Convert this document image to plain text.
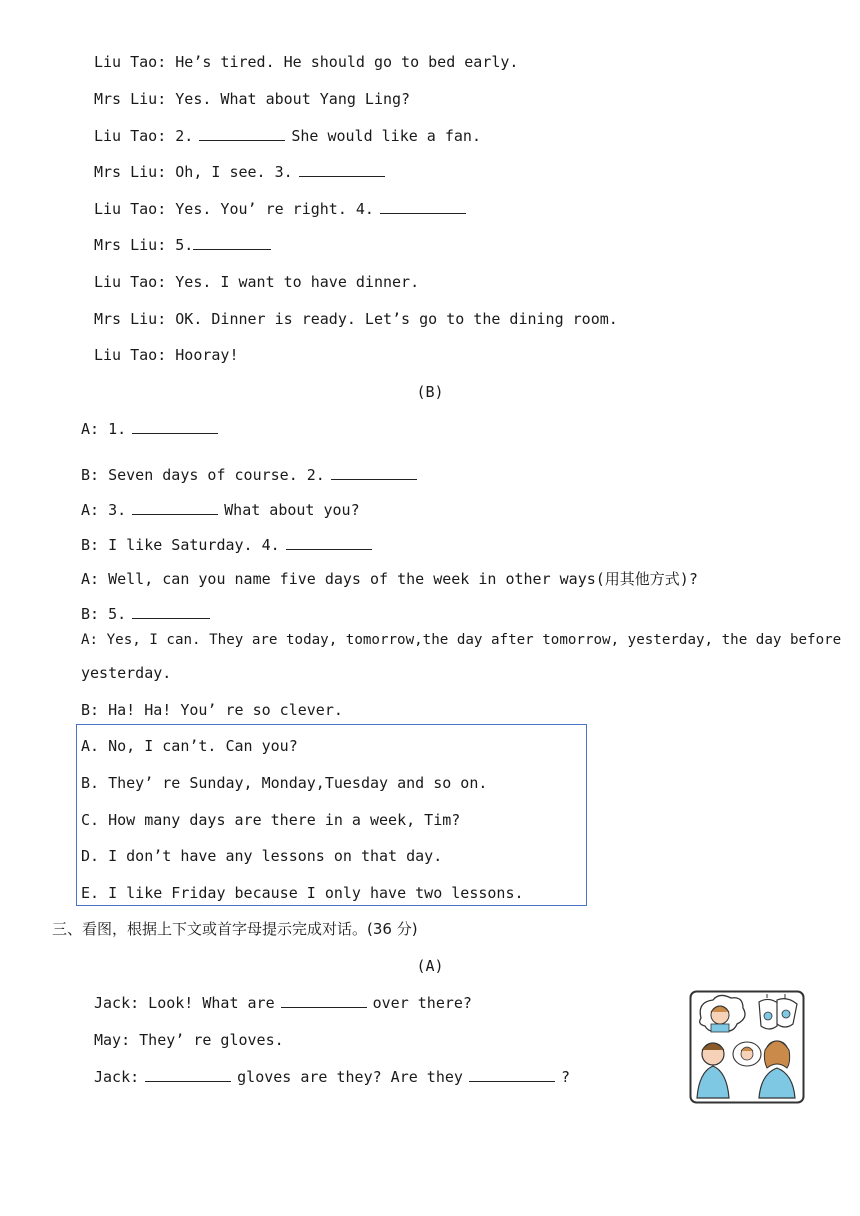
Liu Tao: He’s tired. He should go to bed early.
Mrs Liu: Yes. What about Yang Ling?
Liu Tao: 2.	She would like a fan.
Mrs Liu: Oh, I see. 3.
Liu Tao: Yes. You’ re right. 4.
Mrs Liu: 5.
Liu Tao: Yes. I want to have dinner.
Mrs Liu: OK. Dinner is ready. Let’s go to the dining room.
Liu Tao: Hooray!
(B)
A: 1.
B: Seven days of course. 2.
A: 3.	What about you?
B: I like Saturday. 4.
A: Well, can you name five days of the week in other ways(用其他方式)?
B: 5.
A: Yes, I can. They are today, tomorrow,the day after tomorrow, yesterday, the day before
yesterday.
B: Ha! Ha! You’ re so clever.
A. No, I can’t. Can you?
B. They’ re Sunday, Monday,Tuesday and so on.
C. How many days are there in a week, Tim?
D. I don’t have any lessons on that day.
E. I like Friday because I only have two lessons.
三、看图，根据上下文或首字母提示完成对话。(36 分)
(A)
Jack: Look! What are	over there?
May: They’ re gloves.
Jack:	gloves are they? Are they	?
